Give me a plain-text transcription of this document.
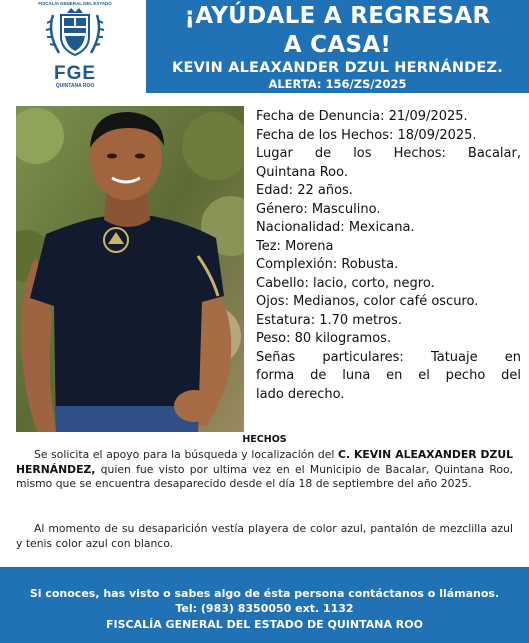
FISCALÍA GENERAL DEL ESTADO
FGE
QUINTANA ROO
¡AYÚDALE A REGRESAR
A CASA!
KEVIN ALEAXANDER DZUL HERNÁNDEZ.
ALERTA: 156/ZS/2025
Fecha de Denuncia: 21/09/2025.
Fecha de los Hechos: 18/09/2025.
Lugar de los Hechos: Bacalar,
Quintana Roo.
Edad: 22 años.
Género: Masculino.
Nacionalidad: Mexicana.
Tez: Morena
Complexión: Robusta.
Cabello: lacio, corto, negro.
Ojos: Medianos, color café oscuro.
Estatura: 1.70 metros.
Peso: 80 kilogramos.
Señas particulares: Tatuaje en
forma de luna en el pecho del
lado derecho.
HECHOS
Se solicita el apoyo para la búsqueda y localización del C. KEVIN ALEAXANDER DZUL HERNÁNDEZ, quien fue visto por ultima vez en el Municipio de Bacalar, Quintana Roo, mismo que se encuentra desaparecido desde el día 18 de septiembre del año 2025.
Al momento de su desaparición vestía playera de color azul, pantalón de mezclilla azul y tenis color azul con blanco.
Si conoces, has visto o sabes algo de ésta persona contáctanos o llámanos.
Tel: (983) 8350050 ext. 1132
FISCALÍA GENERAL DEL ESTADO DE QUINTANA ROO
